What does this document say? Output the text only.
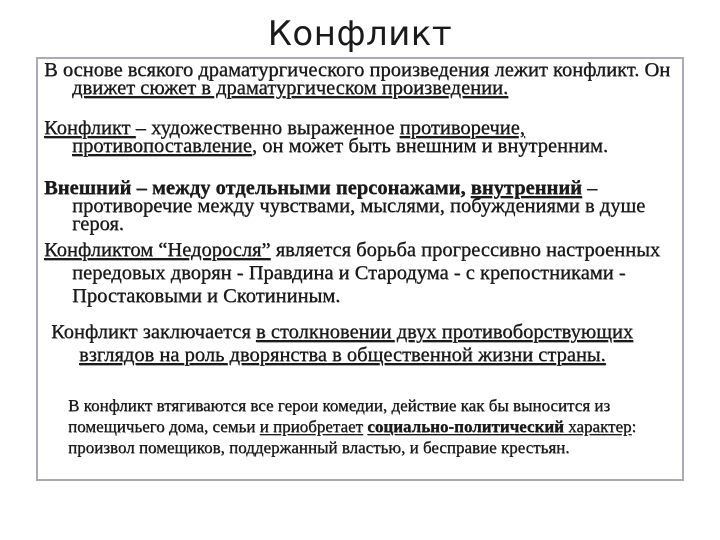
Конфликт
В основе всякого драматургического произведения лежит конфликт. Он движет сюжет в драматургическом произведении.
Конфликт – художественно выраженное противоречие, противопоставление, он может быть внешним и внутренним.
Внешний – между отдельными персонажами, внутренний – противоречие между чувствами, мыслями, побуждениями в душе героя.
Конфликтом “Недоросля” является борьба прогрессивно настроенных передовых дворян - Правдина и Стародума - с крепостниками - Простаковыми и Скотининым.
Конфликт заключается в столкновении двух противоборствующих взглядов на роль дворянства в общественной жизни страны.
В конфликт втягиваются все герои комедии, действие как бы выносится из помещичьего дома, семьи и приобретает социально-политический характер: произвол помещиков, поддержанный властью, и бесправие крестьян.
